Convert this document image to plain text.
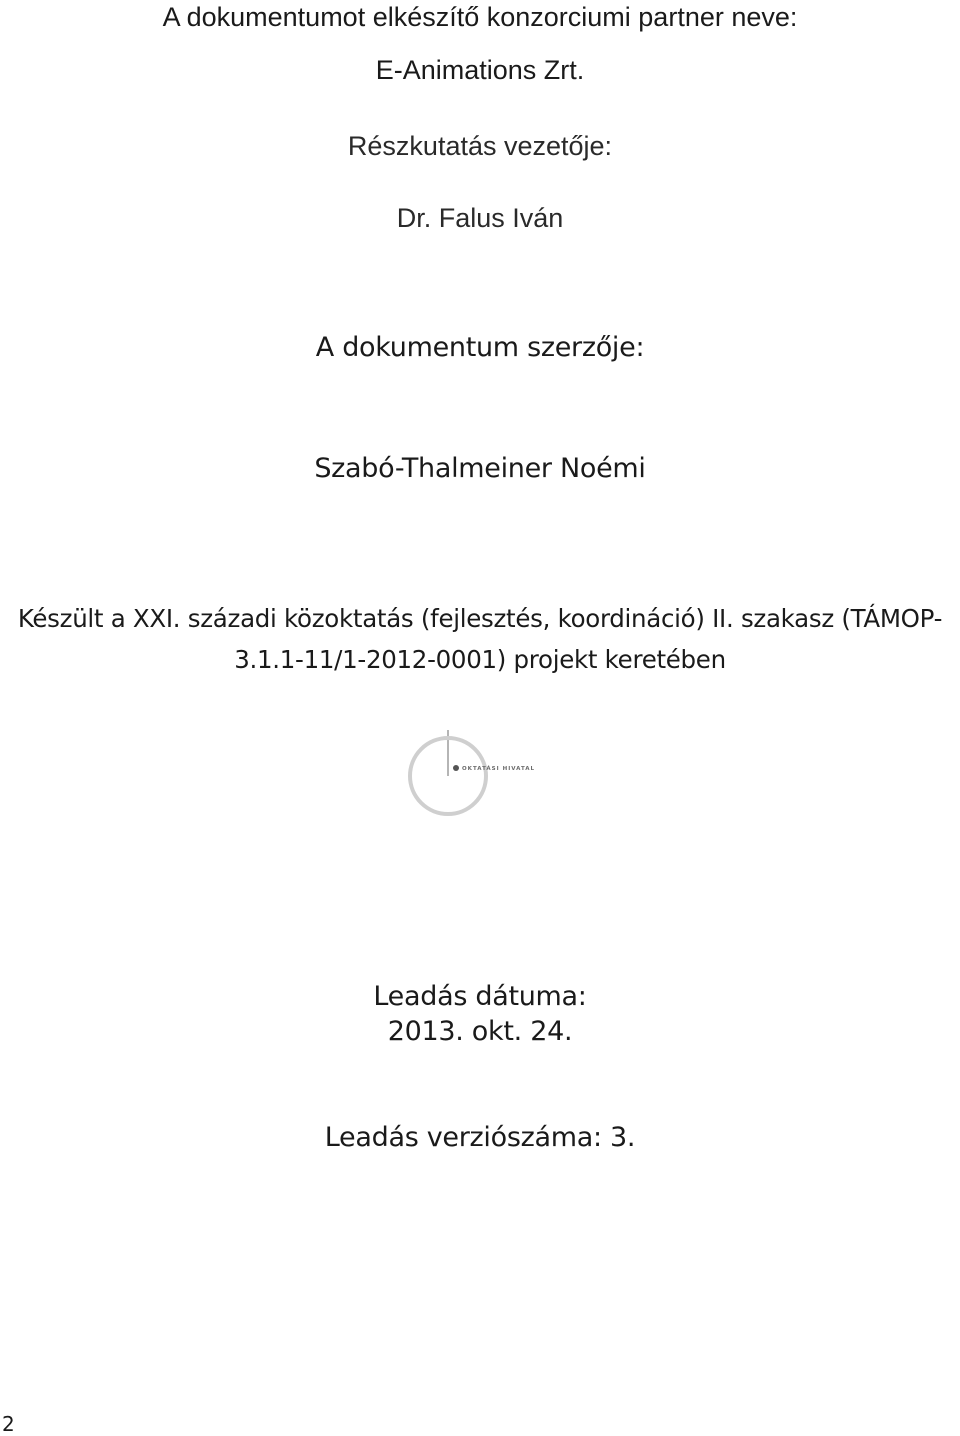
A dokumentumot elkészítő konzorciumi partner neve:
E-Animations Zrt.
Részkutatás vezetője:
Dr. Falus Iván
A dokumentum szerzője:
Szabó-Thalmeiner Noémi
Készült a XXI. századi közoktatás (fejlesztés, koordináció) II. szakasz (TÁMOP-
3.1.1-11/1-2012-0001) projekt keretében
OKTATÁSI HIVATAL
Leadás dátuma:
2013. okt. 24.
Leadás verziószáma: 3.
2
